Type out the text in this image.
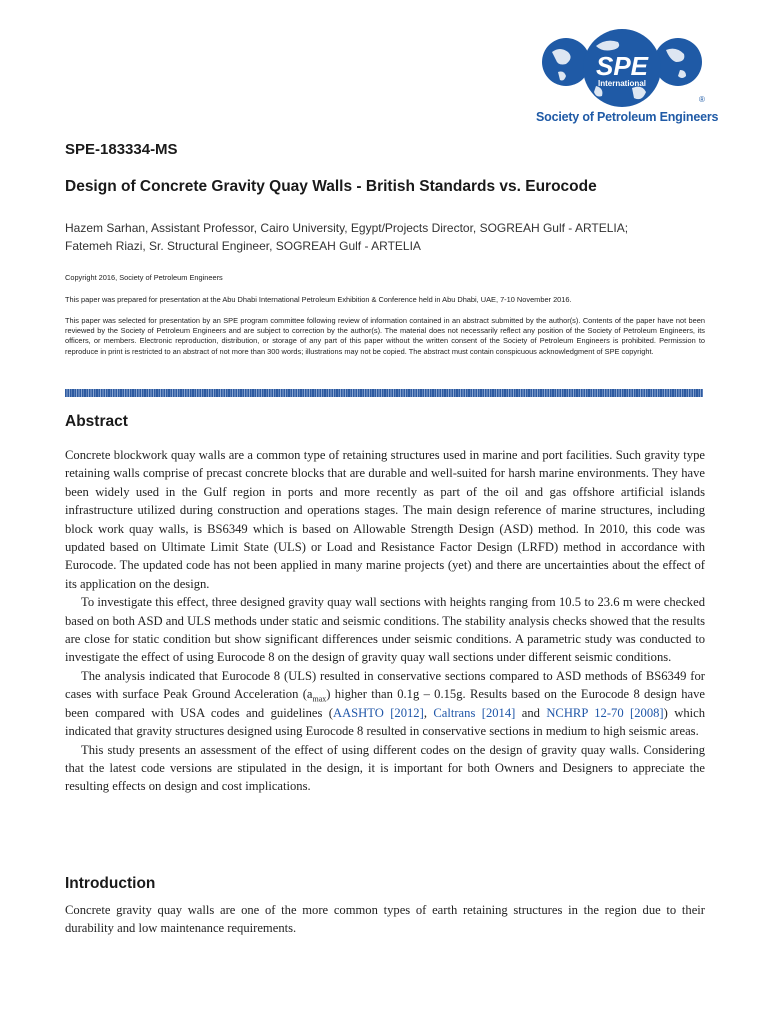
SPE
International
®
Society of Petroleum Engineers
SPE-183334-MS
Design of Concrete Gravity Quay Walls - British Standards vs. Eurocode
Hazem Sarhan, Assistant Professor, Cairo University, Egypt/Projects Director, SOGREAH Gulf - ARTELIA;
Fatemeh Riazi, Sr. Structural Engineer, SOGREAH Gulf - ARTELIA

Copyright 2016, Society of Petroleum Engineers

This paper was prepared for presentation at the Abu Dhabi International Petroleum Exhibition & Conference held in Abu Dhabi, UAE, 7-10 November 2016.

This paper was selected for presentation by an SPE program committee following review of information contained in an abstract submitted by the author(s). Contents of the paper have not been reviewed by the Society of Petroleum Engineers and are subject to correction by the author(s). The material does not necessarily reflect any position of the Society of Petroleum Engineers, its officers, or members. Electronic reproduction, distribution, or storage of any part of this paper without the written consent of the Society of Petroleum Engineers is prohibited. Permission to reproduce in print is restricted to an abstract of not more than 300 words; illustrations may not be copied. The abstract must contain conspicuous acknowledgment of SPE copyright.

Abstract

Concrete blockwork quay walls are a common type of retaining structures used in marine and port facilities. Such gravity type retaining walls comprise of precast concrete blocks that are durable and well-suited for harsh marine environments. They have been widely used in the Gulf region in ports and more recently as part of the oil and gas offshore artificial islands infrastructure utilized during construction and operations stages. The main design reference of marine structures, including block work quay walls, is BS6349 which is based on Allowable Strength Design (ASD) method. In 2010, this code was updated based on Ultimate Limit State (ULS) or Load and Resistance Factor Design (LRFD) method in accordance with Eurocode. The updated code has not been applied in many marine projects (yet) and there are uncertainties about the effect of its application on the design.

To investigate this effect, three designed gravity quay wall sections with heights ranging from 10.5 to 23.6 m were checked based on both ASD and ULS methods under static and seismic conditions. The stability analysis checks showed that the results are close for static condition but show significant differences under seismic conditions. A parametric study was conducted to investigate the effect of using Eurocode 8 on the design of gravity quay wall sections under different seismic conditions.

The analysis indicated that Eurocode 8 (ULS) resulted in conservative sections compared to ASD methods of BS6349 for cases with surface Peak Ground Acceleration $(a_{max})$ higher than 0.1g – 0.15g. Results based on the Eurocode 8 design have been compared with USA codes and guidelines (AASHTO [2012], Caltrans [2014] and NCHRP 12-70 [2008]) which indicated that gravity structures designed using Eurocode 8 resulted in conservative sections in medium to high seismic areas.

This study presents an assessment of the effect of using different codes on the design of gravity quay walls. Considering that the latest code versions are stipulated in the design, it is important for both Owners and Designers to appreciate the resulting effects on design and cost implications.

Introduction

Concrete gravity quay walls are one of the more common types of earth retaining structures in the region due to their durability and low maintenance requirements.
